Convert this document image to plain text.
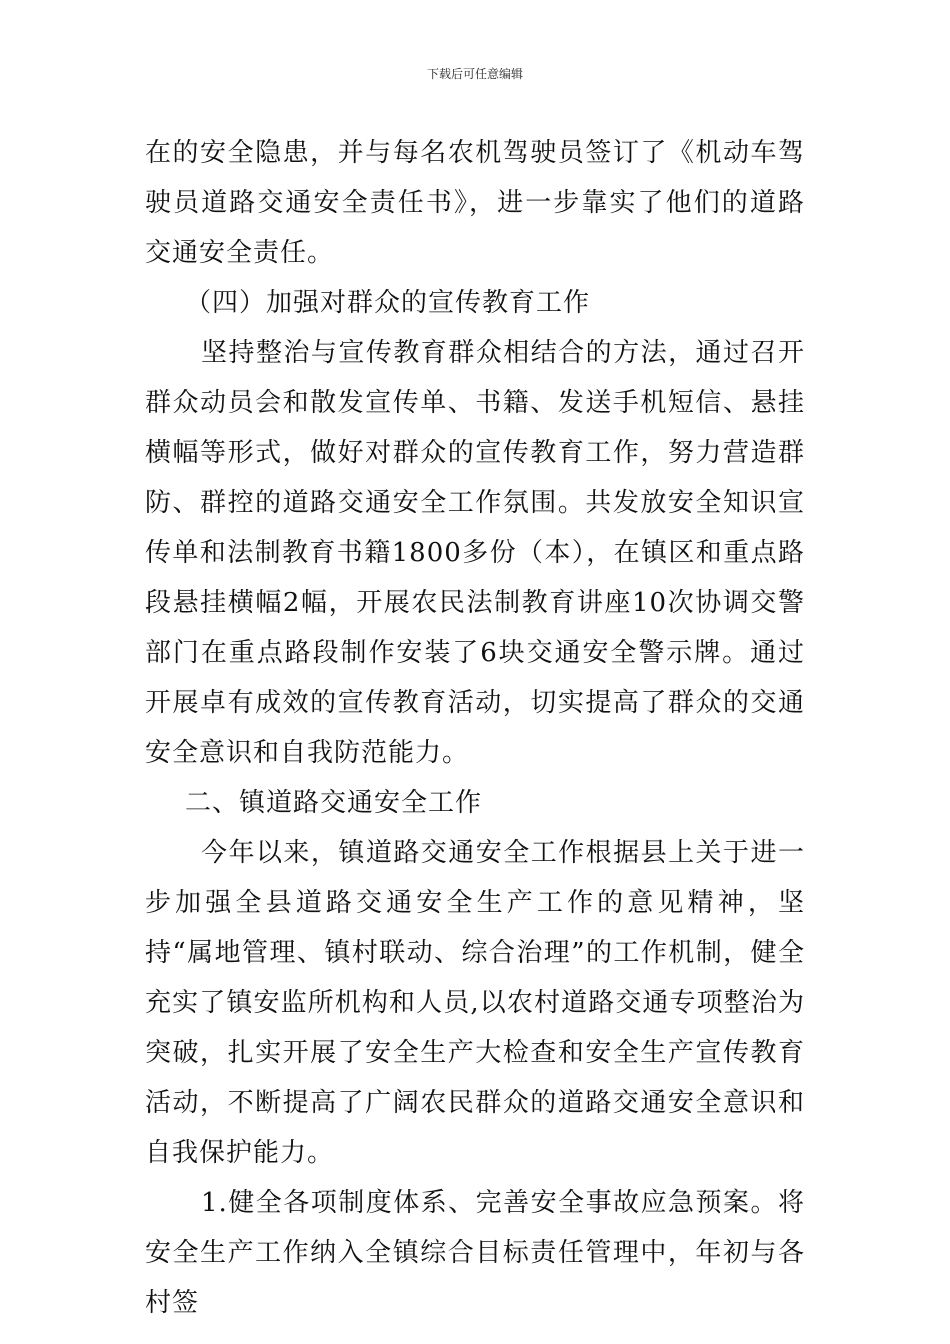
下载后可任意编辑

在的安全隐患，并与每名农机驾驶员签订了《机动车驾驶员道路交通安全责任书》，进一步靠实了他们的道路交通安全责任。

（四）加强对群众的宣传教育工作

坚持整治与宣传教育群众相结合的方法，通过召开群众动员会和散发宣传单、书籍、发送手机短信、悬挂横幅等形式，做好对群众的宣传教育工作，努力营造群防、群控的道路交通安全工作氛围。共发放安全知识宣传单和法制教育书籍1800多份（本），在镇区和重点路段悬挂横幅2幅，开展农民法制教育讲座10次协调交警部门在重点路段制作安装了6块交通安全警示牌。通过开展卓有成效的宣传教育活动，切实提高了群众的交通安全意识和自我防范能力。

二、镇道路交通安全工作

今年以来，镇道路交通安全工作根据县上关于进一步加强全县道路交通安全生产工作的意见精神，坚持“属地管理、镇村联动、综合治理”的工作机制，健全充实了镇安监所机构和人员,以农村道路交通专项整治为突破，扎实开展了安全生产大检查和安全生产宣传教育活动，不断提高了广阔农民群众的道路交通安全意识和自我保护能力。

1.健全各项制度体系、完善安全事故应急预案。将安全生产工作纳入全镇综合目标责任管理中，年初与各村签
